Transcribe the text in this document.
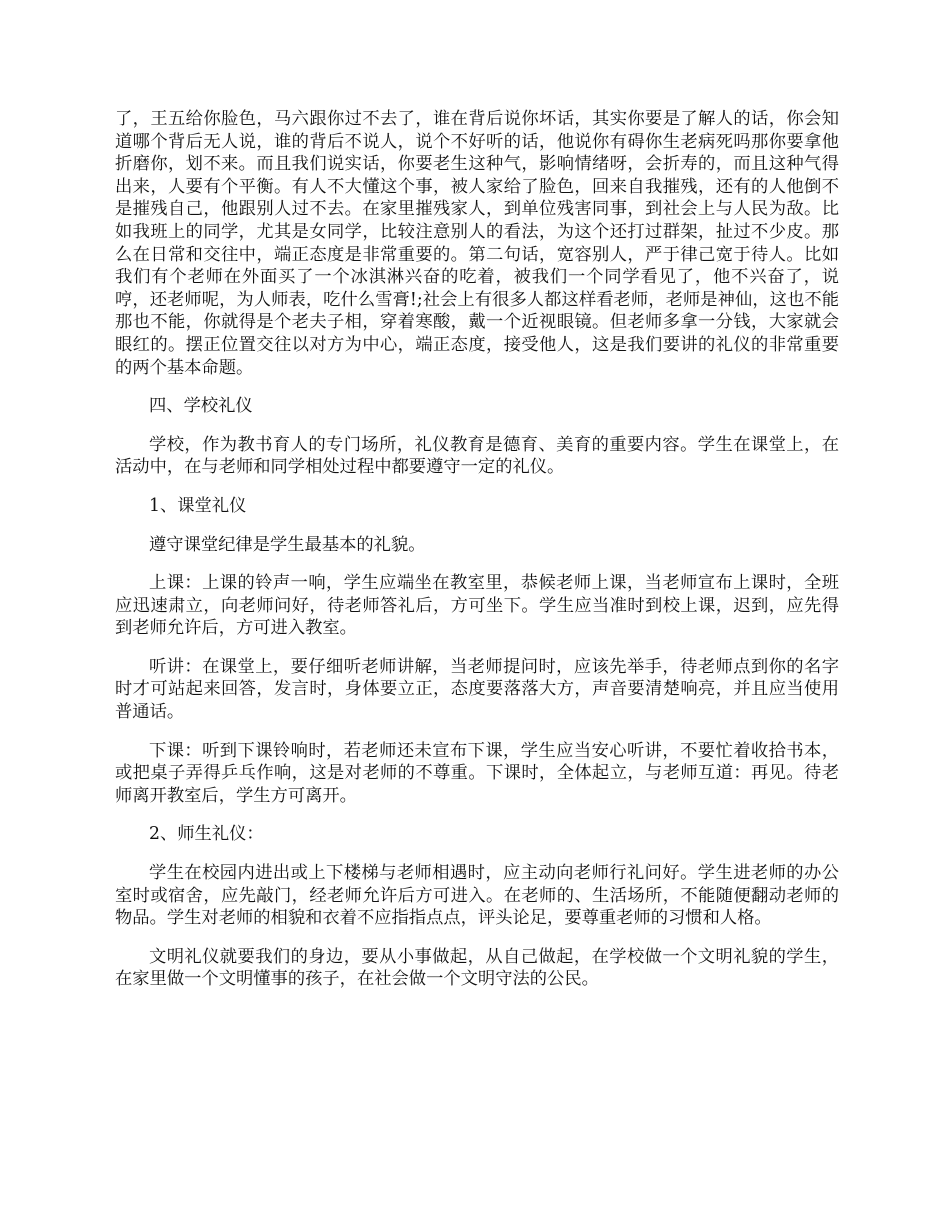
了，王五给你脸色，马六跟你过不去了，谁在背后说你坏话，其实你要是了解人的话，你会知道哪个背后无人说，谁的背后不说人，说个不好听的话，他说你有碍你生老病死吗那你要拿他折磨你，划不来。而且我们说实话，你要老生这种气，影响情绪呀，会折寿的，而且这种气得出来，人要有个平衡。有人不大懂这个事，被人家给了脸色，回来自我摧残，还有的人他倒不是摧残自己，他跟别人过不去。在家里摧残家人，到单位残害同事，到社会上与人民为敌。比如我班上的同学，尤其是女同学，比较注意别人的看法，为这个还打过群架，扯过不少皮。那么在日常和交往中，端正态度是非常重要的。第二句话，宽容别人，严于律己宽于待人。比如我们有个老师在外面买了一个冰淇淋兴奋的吃着，被我们一个同学看见了，他不兴奋了，说哼，还老师呢，为人师表，吃什么雪膏!;社会上有很多人都这样看老师，老师是神仙，这也不能那也不能，你就得是个老夫子相，穿着寒酸，戴一个近视眼镜。但老师多拿一分钱，大家就会眼红的。摆正位置交往以对方为中心，端正态度，接受他人，这是我们要讲的礼仪的非常重要的两个基本命题。

四、学校礼仪

学校，作为教书育人的专门场所，礼仪教育是德育、美育的重要内容。学生在课堂上，在活动中，在与老师和同学相处过程中都要遵守一定的礼仪。

1、课堂礼仪

遵守课堂纪律是学生最基本的礼貌。

上课：上课的铃声一响，学生应端坐在教室里，恭候老师上课，当老师宣布上课时，全班应迅速肃立，向老师问好，待老师答礼后，方可坐下。学生应当准时到校上课，迟到，应先得到老师允许后，方可进入教室。

听讲：在课堂上，要仔细听老师讲解，当老师提问时，应该先举手，待老师点到你的名字时才可站起来回答，发言时，身体要立正，态度要落落大方，声音要清楚响亮，并且应当使用普通话。

下课：听到下课铃响时，若老师还未宣布下课，学生应当安心听讲，不要忙着收拾书本，或把桌子弄得乒乓作响，这是对老师的不尊重。下课时，全体起立，与老师互道：再见。待老师离开教室后，学生方可离开。

2、师生礼仪：

学生在校园内进出或上下楼梯与老师相遇时，应主动向老师行礼问好。学生进老师的办公室时或宿舍，应先敲门，经老师允许后方可进入。在老师的、生活场所，不能随便翻动老师的物品。学生对老师的相貌和衣着不应指指点点，评头论足，要尊重老师的习惯和人格。

文明礼仪就要我们的身边，要从小事做起，从自己做起，在学校做一个文明礼貌的学生，在家里做一个文明懂事的孩子，在社会做一个文明守法的公民。
